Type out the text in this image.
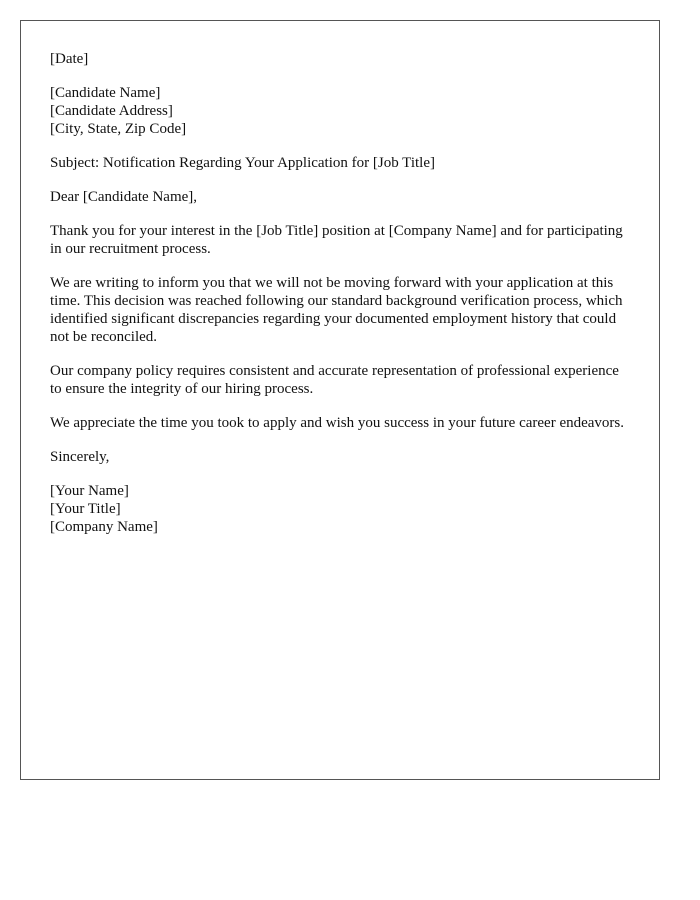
[Date]

[Candidate Name]
[Candidate Address]
[City, State, Zip Code]

Subject: Notification Regarding Your Application for [Job Title]

Dear [Candidate Name],

Thank you for your interest in the [Job Title] position at [Company Name] and for participating in our recruitment process.

We are writing to inform you that we will not be moving forward with your application at this time. This decision was reached following our standard background verification process, which identified significant discrepancies regarding your documented employment history that could not be reconciled.

Our company policy requires consistent and accurate representation of professional experience to ensure the integrity of our hiring process.

We appreciate the time you took to apply and wish you success in your future career endeavors.

Sincerely,

[Your Name]
[Your Title]
[Company Name]
